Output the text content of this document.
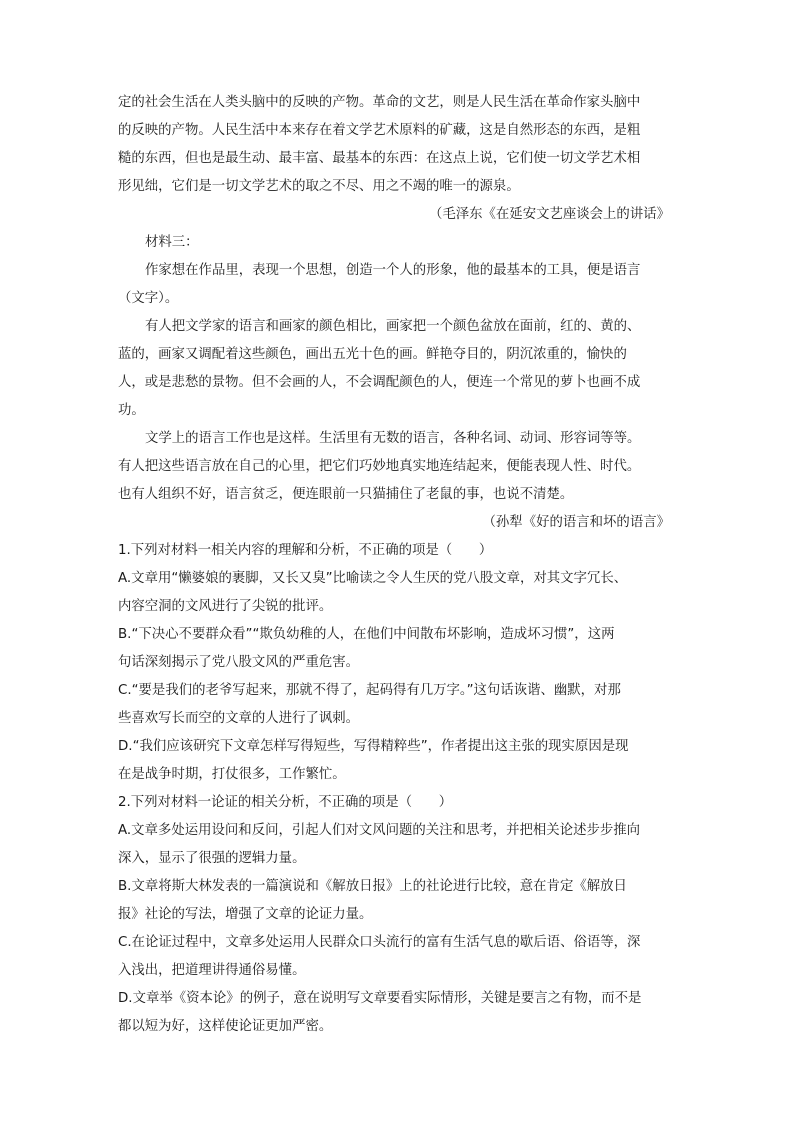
定的社会生活在人类头脑中的反映的产物。革命的文艺，则是人民生活在革命作家头脑中
的反映的产物。人民生活中本来存在着文学艺术原料的矿藏，这是自然形态的东西，是粗
糙的东西，但也是最生动、最丰富、最基本的东西：在这点上说，它们使一切文学艺术相
形见绌，它们是一切文学艺术的取之不尽、用之不竭的唯一的源泉。
（毛泽东《在延安文艺座谈会上的讲话》
材料三：
作家想在作品里，表现一个思想，创造一个人的形象，他的最基本的工具，便是语言
（文字）。
有人把文学家的语言和画家的颜色相比，画家把一个颜色盆放在面前，红的、黄的、
蓝的，画家又调配着这些颜色，画出五光十色的画。鲜艳夺目的，阴沉浓重的，愉快的
人，或是悲愁的景物。但不会画的人，不会调配颜色的人，便连一个常见的萝卜也画不成
功。
文学上的语言工作也是这样。生活里有无数的语言，各种名词、动词、形容词等等。
有人把这些语言放在自己的心里，把它们巧妙地真实地连结起来，便能表现人性、时代。
也有人组织不好，语言贫乏，便连眼前一只猫捕住了老鼠的事，也说不清楚。
（孙犁《好的语言和坏的语言》
1.下列对材料一相关内容的理解和分析，不正确的项是（　　）
A.文章用“懒婆娘的裹脚，又长又臭”比喻读之令人生厌的党八股文章，对其文字冗长、
内容空洞的文风进行了尖锐的批评。
B.“下决心不要群众看”“欺负幼稚的人，在他们中间散布坏影响，造成坏习惯”，这两
句话深刻揭示了党八股文风的严重危害。
C.“要是我们的老爷写起来，那就不得了，起码得有几万字。”这句话诙谐、幽默，对那
些喜欢写长而空的文章的人进行了讽刺。
D.“我们应该研究下文章怎样写得短些，写得精粹些”，作者提出这主张的现实原因是现
在是战争时期，打仗很多，工作繁忙。
2.下列对材料一论证的相关分析，不正确的项是（　　）
A.文章多处运用设问和反问，引起人们对文风问题的关注和思考，并把相关论述步步推向
深入，显示了很强的逻辑力量。
B.文章将斯大林发表的一篇演说和《解放日报》上的社论进行比较，意在肯定《解放日
报》社论的写法，增强了文章的论证力量。
C.在论证过程中，文章多处运用人民群众口头流行的富有生活气息的歇后语、俗语等，深
入浅出，把道理讲得通俗易懂。
D.文章举《资本论》的例子，意在说明写文章要看实际情形，关键是要言之有物，而不是
都以短为好，这样使论证更加严密。
